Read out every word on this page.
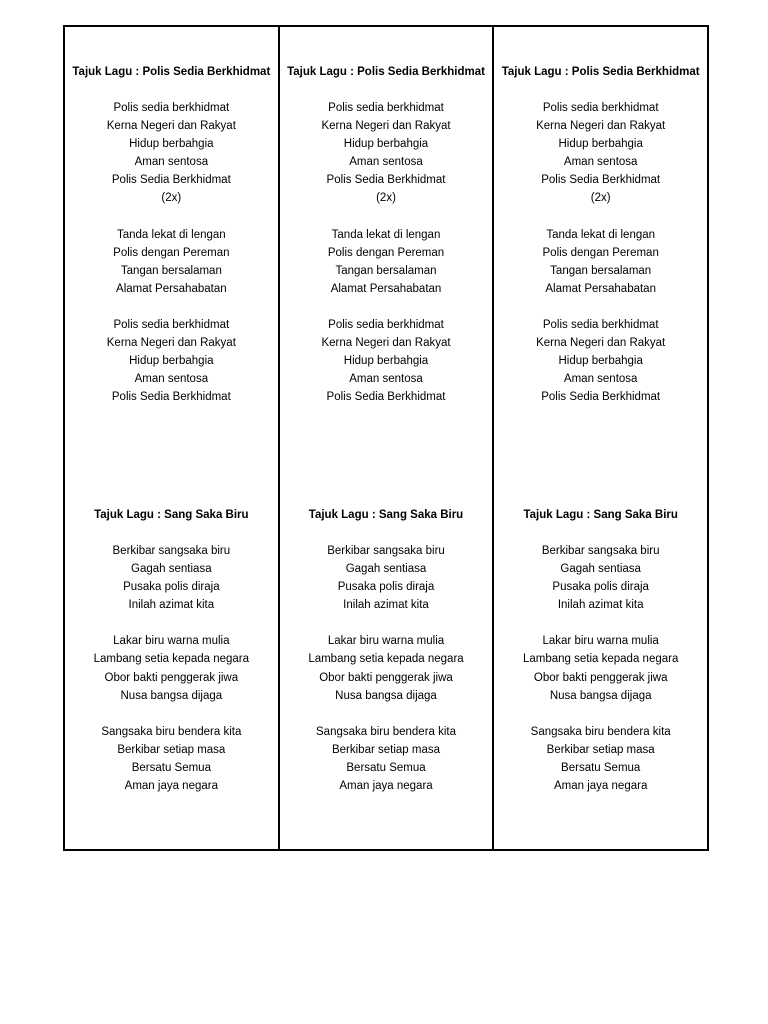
Tajuk Lagu : Polis Sedia Berkhidmat
Polis sedia berkhidmat
Kerna Negeri dan Rakyat
Hidup berbahgia
Aman sentosa
Polis Sedia Berkhidmat
(2x)
Tanda lekat di lengan
Polis dengan Pereman
Tangan bersalaman
Alamat Persahabatan
Polis sedia berkhidmat
Kerna Negeri dan Rakyat
Hidup berbahgia
Aman sentosa
Polis Sedia Berkhidmat
Tajuk Lagu : Sang Saka Biru
Berkibar sangsaka biru
Gagah sentiasa
Pusaka polis diraja
Inilah azimat kita
Lakar biru warna mulia
Lambang setia kepada negara
Obor bakti penggerak jiwa
Nusa bangsa dijaga
Sangsaka biru bendera kita
Berkibar setiap masa
Bersatu Semua
Aman jaya negara
Tajuk Lagu : Polis Sedia Berkhidmat
Polis sedia berkhidmat
Kerna Negeri dan Rakyat
Hidup berbahgia
Aman sentosa
Polis Sedia Berkhidmat
(2x)
Tanda lekat di lengan
Polis dengan Pereman
Tangan bersalaman
Alamat Persahabatan
Polis sedia berkhidmat
Kerna Negeri dan Rakyat
Hidup berbahgia
Aman sentosa
Polis Sedia Berkhidmat
Tajuk Lagu : Sang Saka Biru
Berkibar sangsaka biru
Gagah sentiasa
Pusaka polis diraja
Inilah azimat kita
Lakar biru warna mulia
Lambang setia kepada negara
Obor bakti penggerak jiwa
Nusa bangsa dijaga
Sangsaka biru bendera kita
Berkibar setiap masa
Bersatu Semua
Aman jaya negara
Tajuk Lagu : Polis Sedia Berkhidmat
Polis sedia berkhidmat
Kerna Negeri dan Rakyat
Hidup berbahgia
Aman sentosa
Polis Sedia Berkhidmat
(2x)
Tanda lekat di lengan
Polis dengan Pereman
Tangan bersalaman
Alamat Persahabatan
Polis sedia berkhidmat
Kerna Negeri dan Rakyat
Hidup berbahgia
Aman sentosa
Polis Sedia Berkhidmat
Tajuk Lagu : Sang Saka Biru
Berkibar sangsaka biru
Gagah sentiasa
Pusaka polis diraja
Inilah azimat kita
Lakar biru warna mulia
Lambang setia kepada negara
Obor bakti penggerak jiwa
Nusa bangsa dijaga
Sangsaka biru bendera kita
Berkibar setiap masa
Bersatu Semua
Aman jaya negara
